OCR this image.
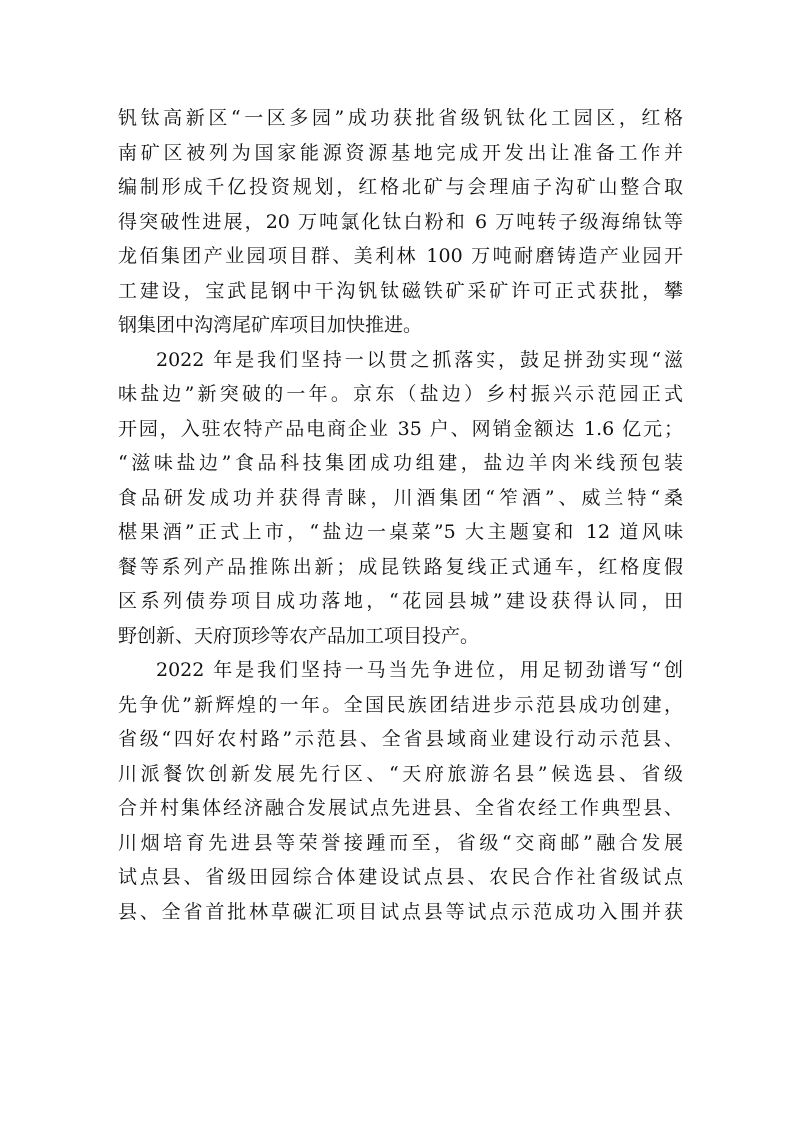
钒钛高新区“一区多园”成功获批省级钒钛化工园区，红格
南矿区被列为国家能源资源基地完成开发出让准备工作并
编制形成千亿投资规划，红格北矿与会理庙子沟矿山整合取
得突破性进展，20 万吨氯化钛白粉和 6 万吨转子级海绵钛等
龙佰集团产业园项目群、美利林 100 万吨耐磨铸造产业园开
工建设，宝武昆钢中干沟钒钛磁铁矿采矿许可正式获批，攀
钢集团中沟湾尾矿库项目加快推进。
2022 年是我们坚持一以贯之抓落实，鼓足拼劲实现“滋
味盐边”新突破的一年。京东（盐边）乡村振兴示范园正式
开园，入驻农特产品电商企业 35 户、网销金额达 1.6 亿元；
“滋味盐边”食品科技集团成功组建，盐边羊肉米线预包装
食品研发成功并获得青睐，川酒集团“笮酒”、威兰特“桑
椹果酒”正式上市，“盐边一桌菜”5 大主题宴和 12 道风味
餐等系列产品推陈出新；成昆铁路复线正式通车，红格度假
区系列债券项目成功落地，“花园县城”建设获得认同，田
野创新、天府顶珍等农产品加工项目投产。
2022 年是我们坚持一马当先争进位，用足韧劲谱写“创
先争优”新辉煌的一年。全国民族团结进步示范县成功创建，
省级“四好农村路”示范县、全省县域商业建设行动示范县、
川派餐饮创新发展先行区、“天府旅游名县”候选县、省级
合并村集体经济融合发展试点先进县、全省农经工作典型县、
川烟培育先进县等荣誉接踵而至，省级“交商邮”融合发展
试点县、省级田园综合体建设试点县、农民合作社省级试点
县、全省首批林草碳汇项目试点县等试点示范成功入围并获
